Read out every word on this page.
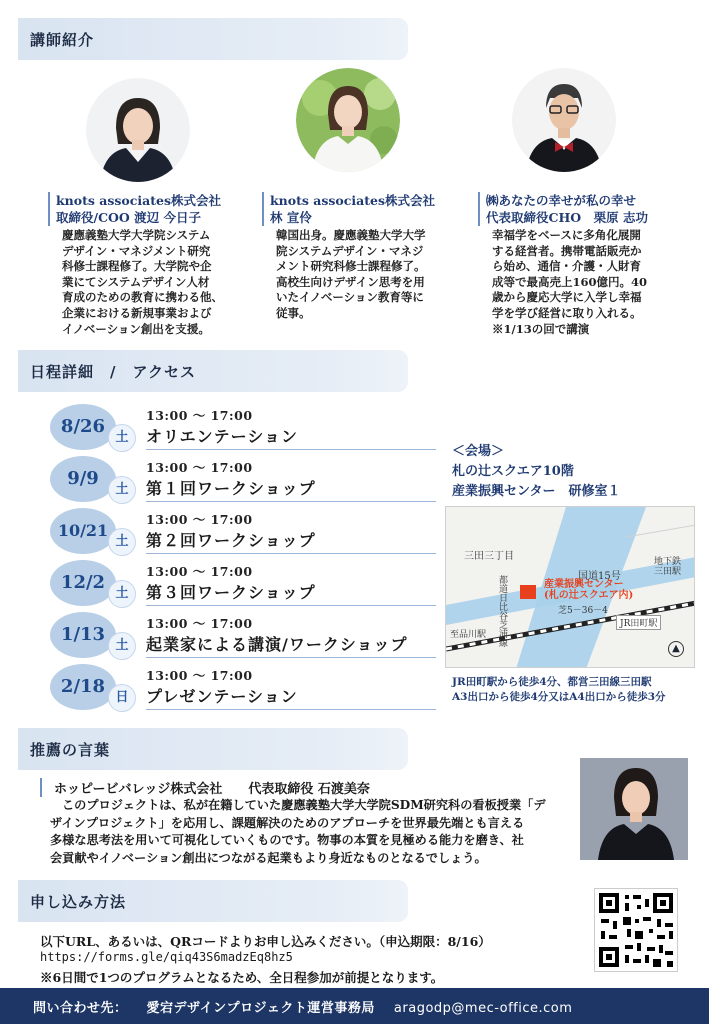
講師紹介
knots associates株式会社
取締役/COO 渡辺 今日子
慶應義塾大学大学院システム
デザイン・マネジメント研究
科修士課程修了。大学院や企
業にてシステムデザイン人材
育成のための教育に携わる他、
企業における新規事業および
イノベーション創出を支援。
knots associates株式会社
林 宣伶
韓国出身。慶應義塾大学大学
院システムデザイン・マネジ
メント研究科修士課程修了。
高校生向けデザイン思考を用
いたイノベーション教育等に
従事。
㈱あなたの幸せが私の幸せ
代表取締役CHO　栗原 志功
幸福学をベースに多角化展開
する経営者。携帯電話販売か
ら始め、通信・介護・人財育
成等で最高売上160億円。40
歳から慶応大学に入学し幸福
学を学び経営に取り入れる。
※1/13の回で講演
日程詳細　/　アクセス
8/26
土
13:00 ～ 17:00
オリエンテーション
9/9
土
13:00 ～ 17:00
第１回ワークショップ
10/21
土
13:00 ～ 17:00
第２回ワークショップ
12/2
土
13:00 ～ 17:00
第３回ワークショップ
1/13
土
13:00 ～ 17:00
起業家による講演/ワークショップ
2/18
日
13:00 ～ 17:00
プレゼンテーション
＜会場＞
札の辻スクエア10階
産業振興センター　研修室１
三田三丁目
国道15号
都道日比谷芝浦線
地下鉄
三田駅
産業振興センター
(札の辻スクエア内)
芝5－36－4
JR田町駅
至品川駅
▲
JR田町駅から徒歩4分、都営三田線三田駅
A3出口から徒歩4分又はA4出口から徒歩3分
推薦の言葉
ホッピービバレッジ株式会社　　代表取締役 石渡美奈
このプロジェクトは、私が在籍していた慶應義塾大学大学院SDM研究科の看板授業「デ
ザインプロジェクト」を応用し、課題解決のためのアプローチを世界最先端とも言える
多様な思考法を用いて可視化していくものです。物事の本質を見極める能力を磨き、社
会貢献やイノベーション創出につながる起業もより身近なものとなるでしょう。
申し込み方法
以下URL、あるいは、QRコードよりお申し込みください。（申込期限：8/16）
https://forms.gle/qiq43S6madzEq8hz5
※6日間で1つのプログラムとなるため、全日程参加が前提となります。
問い合わせ先： 愛宕デザインプロジェクト運営事務局 aragodp@mec-office.com
